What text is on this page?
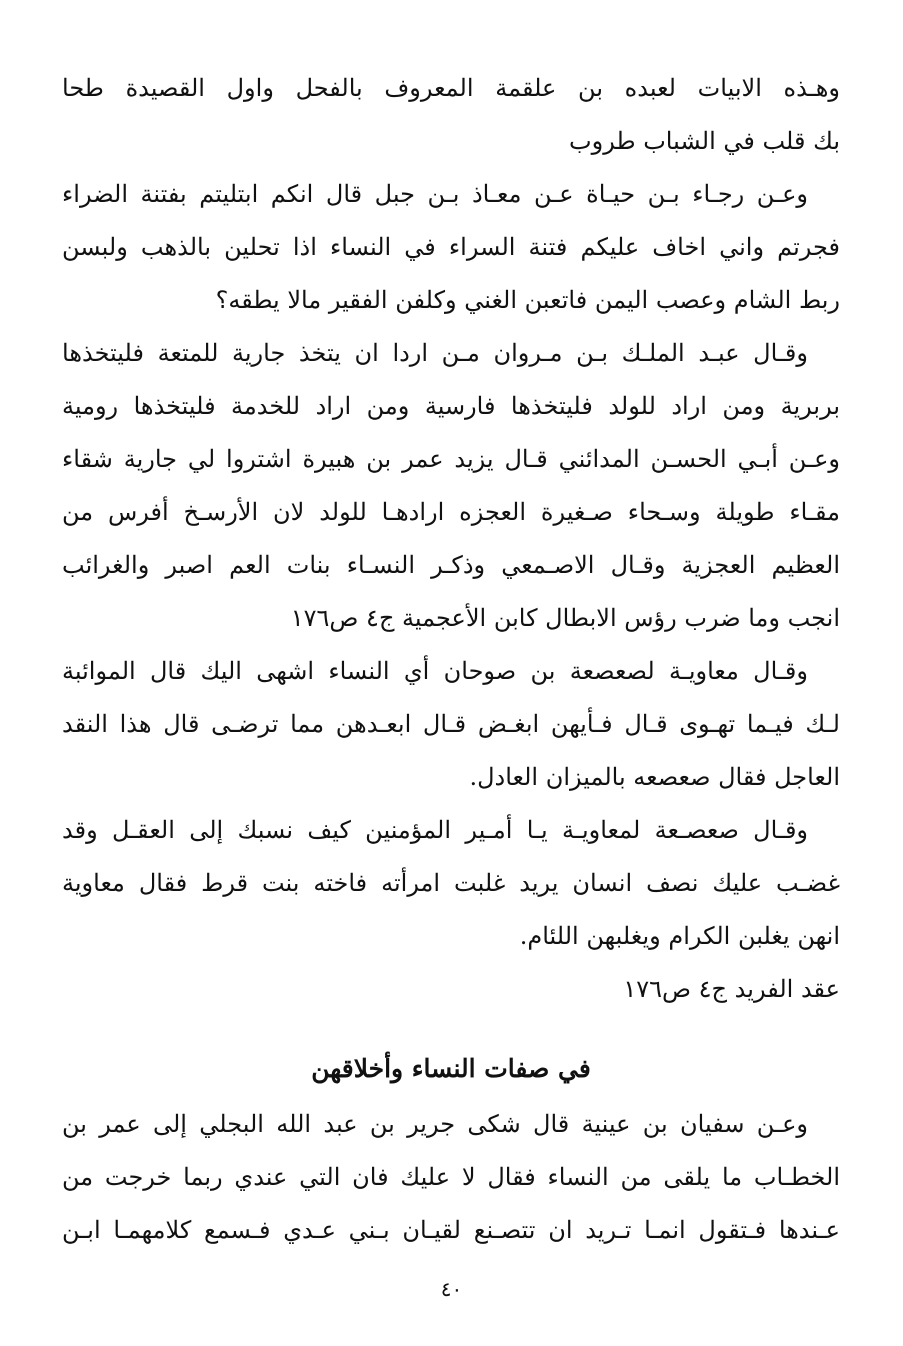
وهـذه الابيات لعبده بن علقمة المعروف بالفحل واول القصيدة طحا
بك قلب في الشباب طروب
وعـن رجـاء بـن حيـاة عـن معـاذ بـن جبل قال انكم ابتليتم بفتنة الضراء
فجرتم واني اخاف عليكم فتنة السراء في النساء اذا تحلين بالذهب ولبسن
ربط الشام وعصب اليمن فاتعبن الغني وكلفن الفقير مالا يطقه؟
وقـال عبـد الملـك بـن مـروان مـن اردا ان يتخذ جارية للمتعة فليتخذها
بربرية ومن اراد للولد فليتخذها فارسية ومن اراد للخدمة فليتخذها رومية
وعـن أبـي الحسـن المدائني قـال يزيد عمر بن هبيرة اشتروا لي جارية شقاء
مقـاء طويلة وسـحاء صـغيرة العجزه ارادهـا للولد لان الأرسـخ أفرس من
العظيم العجزية وقـال الاصـمعي وذكـر النسـاء بنات العم اصبر والغرائب
انجب وما ضرب رؤس الابطال كابن الأعجمية ج٤ ص١٧٦
وقـال معاويـة لصعصعة بن صوحان أي النساء اشهى اليك قال الموائبة
لـك فيـما تهـوى قـال فـأيهن ابغـض قـال ابعـدهن مما ترضـى قال هذا النقد
العاجل فقال صعصعه بالميزان العادل.
وقـال صعصـعة لمعاويـة يـا أمـير المؤمنين كيف نسبك إلى العقـل وقد
غضـب عليك نصف انسان يريد غلبت امرأته فاخته بنت قرط فقال معاوية
انهن يغلبن الكرام ويغلبهن اللئام.
عقد الفريد ج٤ ص١٧٦
في صفات النساء وأخلاقهن
وعـن سفيان بن عينية قال شكى جرير بن عبد الله البجلي إلى عمر بن
الخطـاب ما يلقى من النساء فقال لا عليك فان التي عندي ربما خرجت من
عـندها فـتقول انمـا تـريد ان تتصـنع لقيـان بـني عـدي فـسمع كلامهمـا ابـن
٤٠
